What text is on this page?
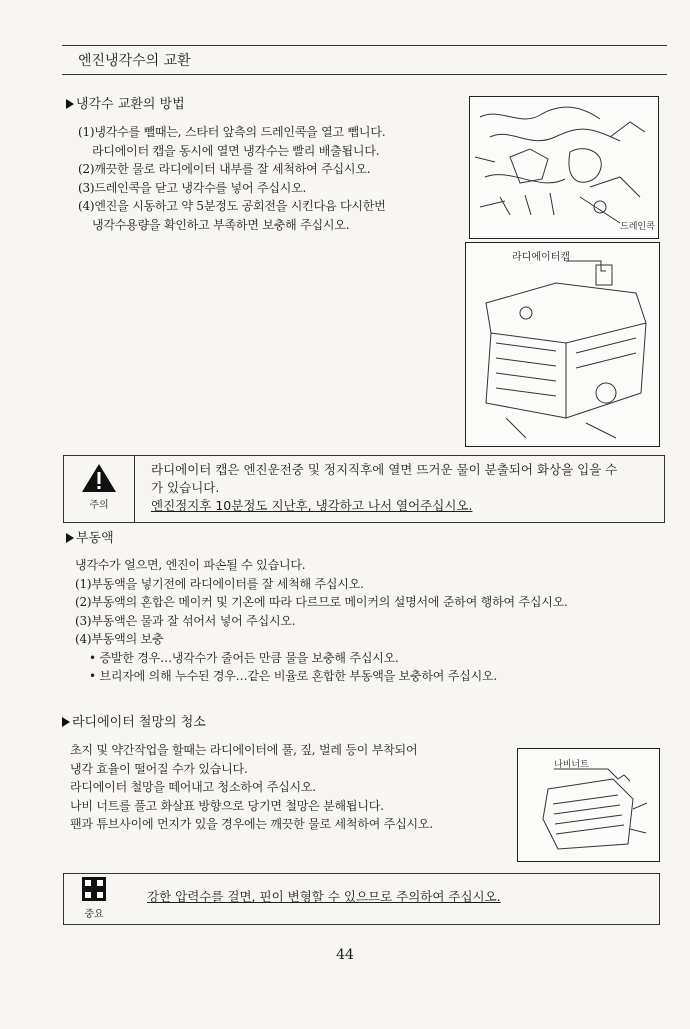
엔진냉각수의 교환
냉각수 교환의 방법
(1)냉각수를 뺄때는, 스타터 앞측의 드레인콕을 열고 뺍니다.
라디에이터 캡을 동시에 열면 냉각수는 빨리 배출됩니다.
(2)깨끗한 물로 라디에이터 내부를 잘 세척하여 주십시오.
(3)드레인콕을 닫고 냉각수를 넣어 주십시오.
(4)엔진을 시동하고 약 5분정도 공회전을 시킨다음 다시한번
냉각수용량을 확인하고 부족하면 보충해 주십시오.	드레인콕
라디에이터캡
주의
라디에이터 캡은 엔진운전중 및 정지직후에 열면 뜨거운 물이 분출되어 화상을 입을 수
가 있습니다.
엔진정지후 10분정도 지난후, 냉각하고 나서 열어주십시오.
부동액
냉각수가 얼으면, 엔진이 파손될 수 있습니다.
(1)부동액을 넣기전에 라디에이터를 잘 세척해 주십시오.
(2)부동액의 혼합은 메이커 및 기온에 따라 다르므로 메이커의 설명서에 준하여 행하여 주십시오.
(3)부동액은 물과 잘 섞어서 넣어 주십시오.
(4)부동액의 보충
• 증발한 경우…냉각수가 줄어든 만큼 물을 보충해 주십시오.
• 브리자에 의해 누수된 경우…같은 비율로 혼합한 부동액을 보충하여 주십시오.
라디에이터 철망의 청소
초지 및 약간작업을 할때는 라디에이터에 풀, 짚, 벌레 등이 부착되어
냉각 효율이 떨어질 수가 있습니다.
라디에이터 철망을 떼어내고 청소하여 주십시오.
나비 너트를 풀고 화살표 방향으로 당기면 철망은 분해됩니다.
팬과 튜브사이에 먼지가 있을 경우에는 깨끗한 물로 세척하여 주십시오.
나비너트
중요
강한 압력수를 걸면, 핀이 변형할 수 있으므로 주의하여 주십시오.
44
